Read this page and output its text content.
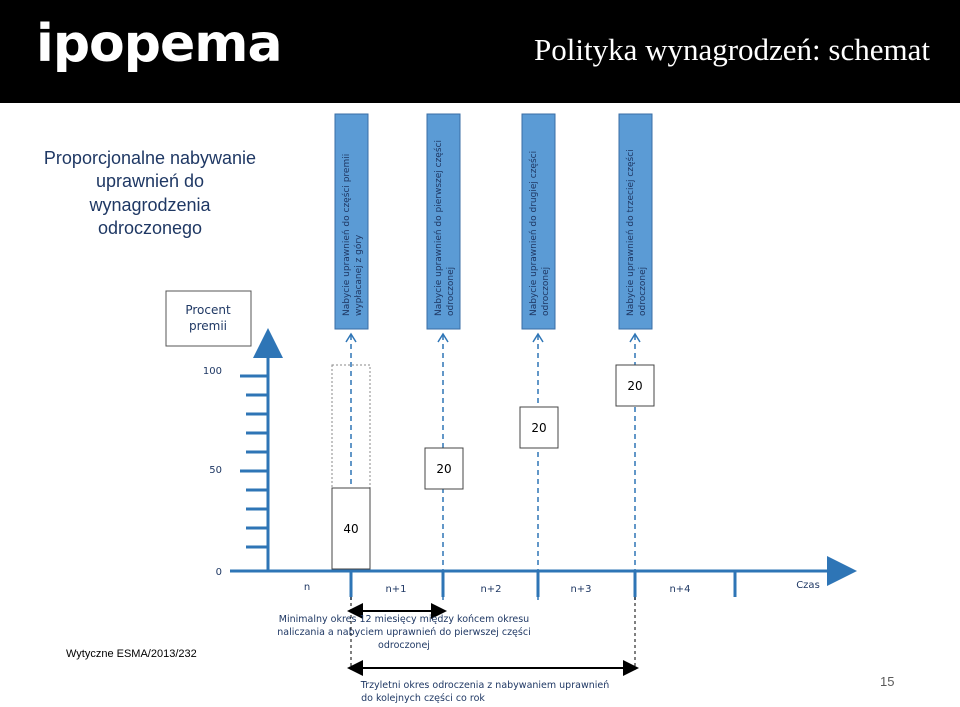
ipopema	Polityka wynagrodzeń: schemat
Proporcjonalne nabywanie uprawnień do wynagrodzenia odroczonego
Procent
premii
Nabycie uprawnień do części premii wypłacanej z góry	Nabycie uprawnień do pierwszej części odroczonej	Nabycie uprawnień do drugiej części odroczonej	Nabycie uprawnień do trzeciej części odroczonej
100
50
0
n	n+1	n+2	n+3	n+4	Czas
40
20
20
20
Minimalny okres 12 miesięcy między końcem okresu
naliczania a nabyciem uprawnień do pierwszej części
odroczonej
Trzyletni okres odroczenia z nabywaniem uprawnień
do kolejnych części co rok
Wytyczne ESMA/2013/232
15
